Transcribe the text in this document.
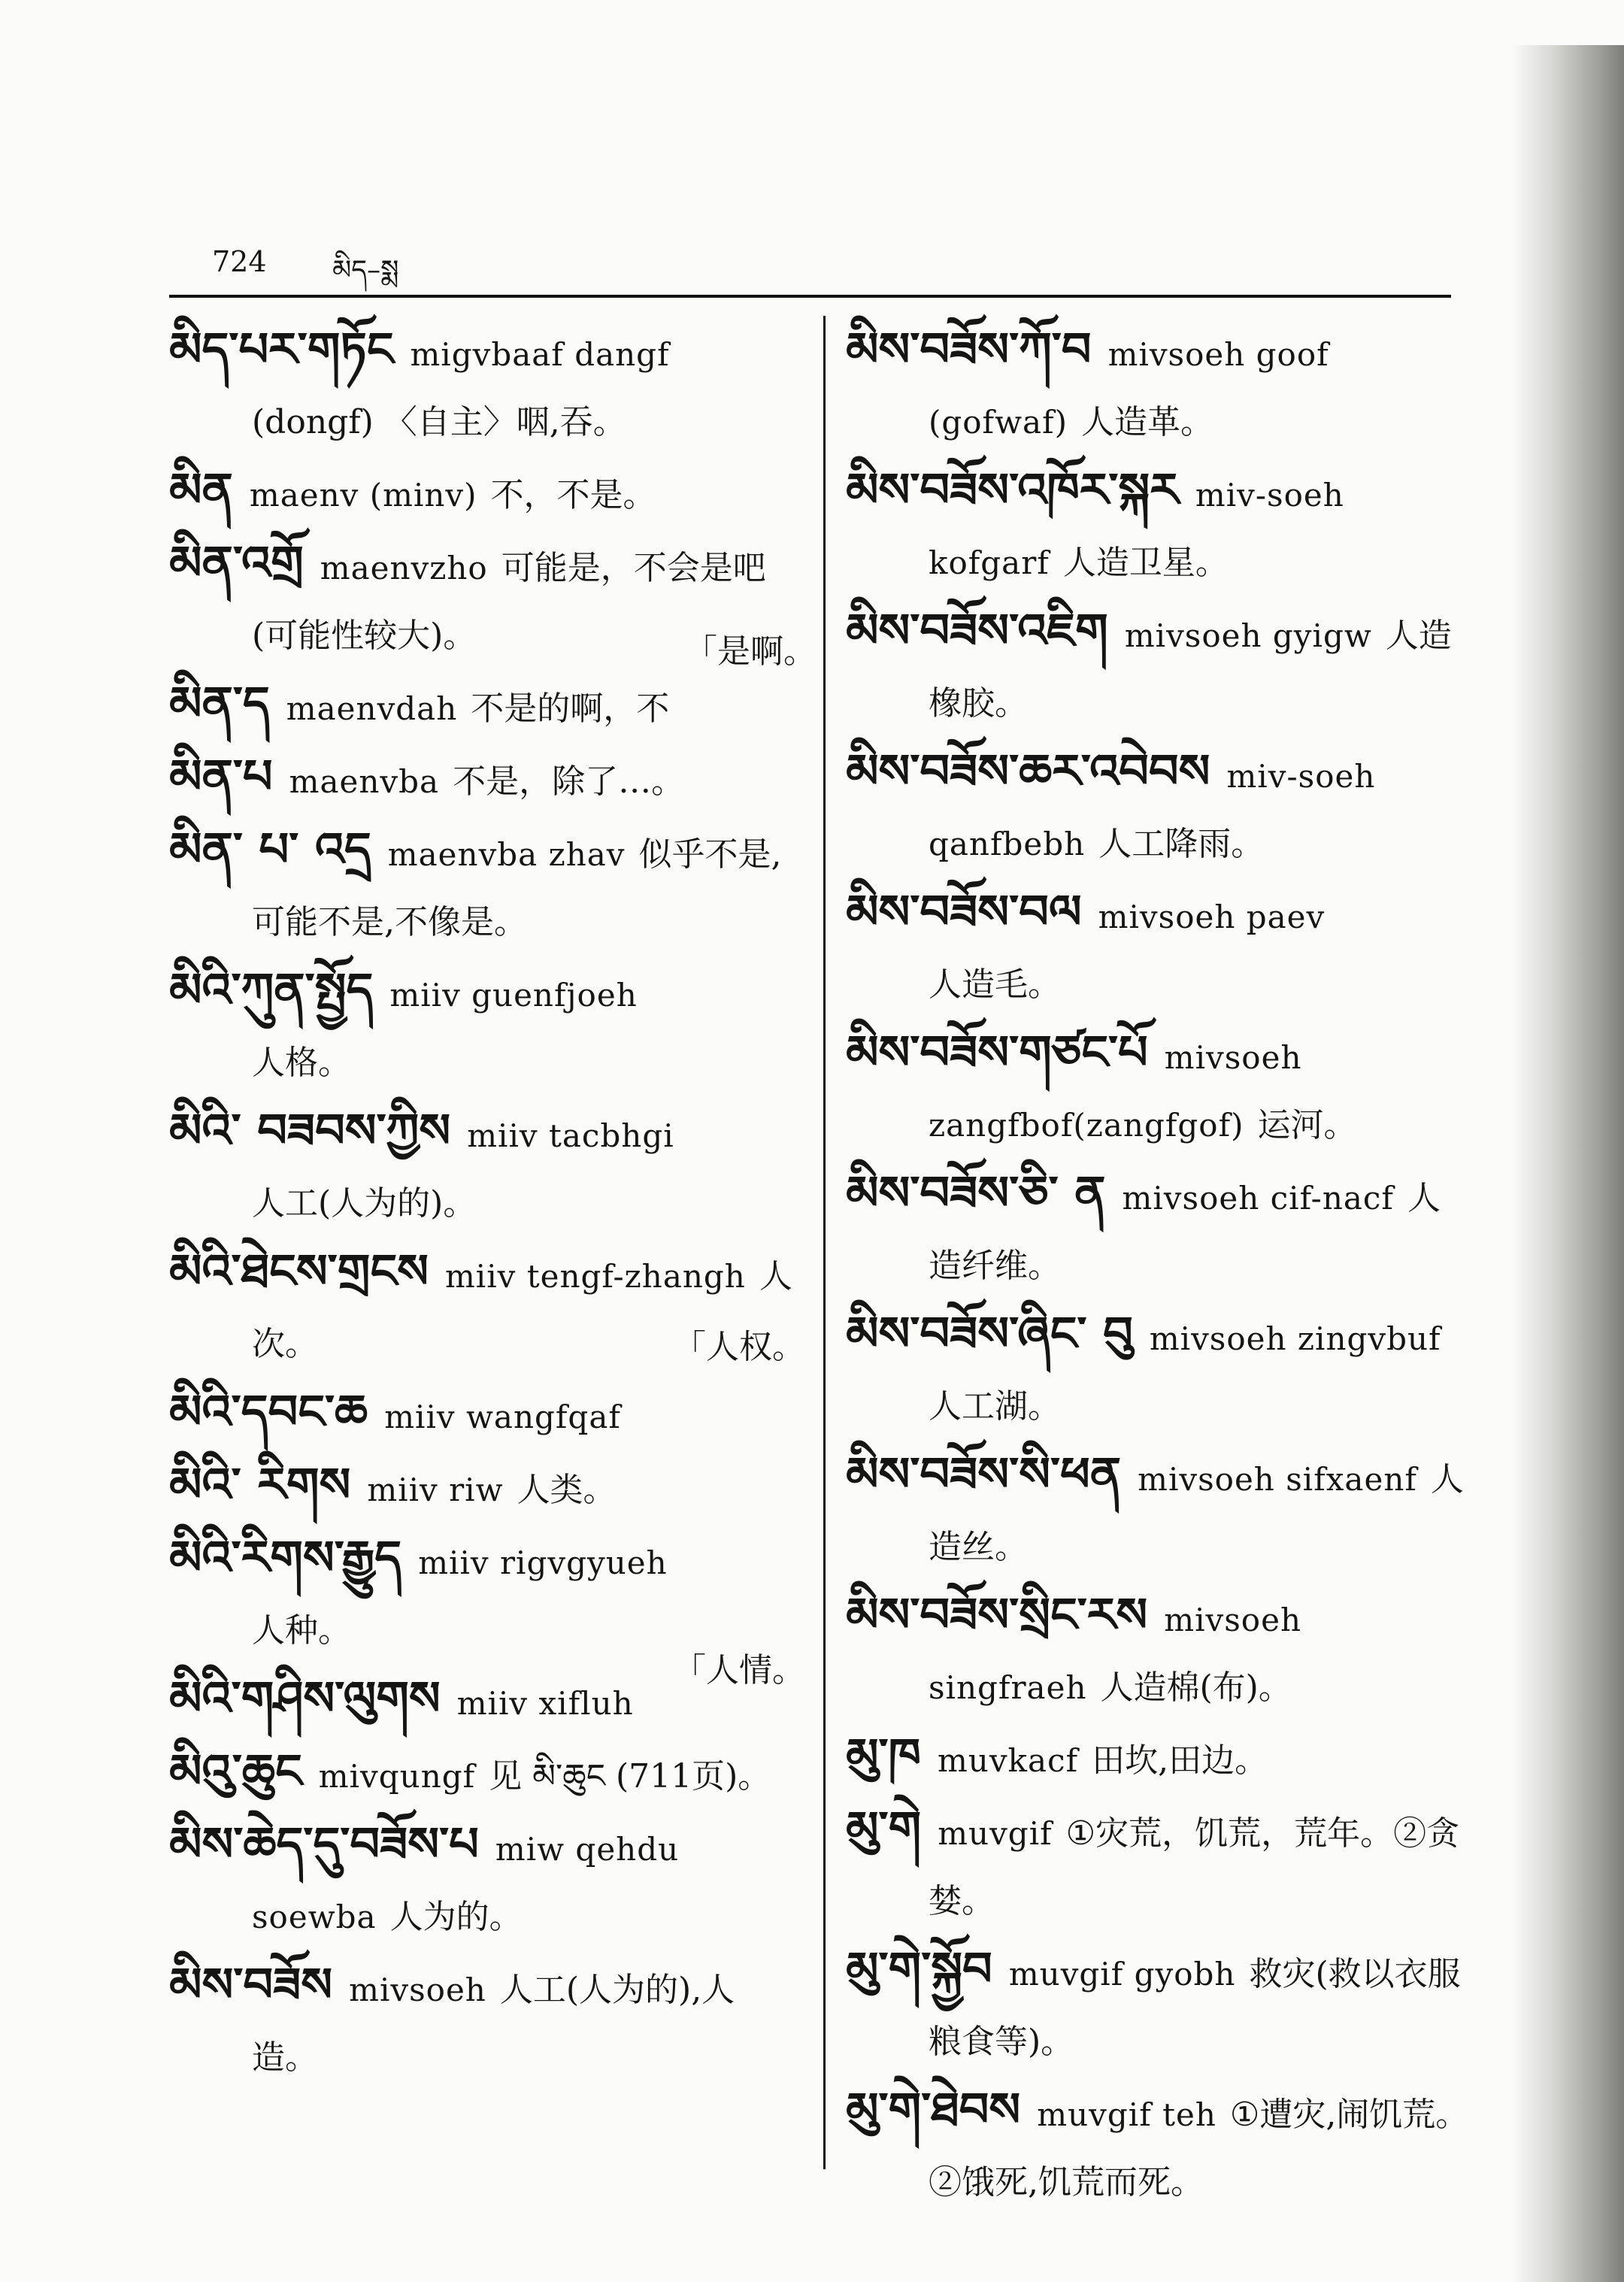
724 མིད–སྨ
མིད་པར་གཏོང migvbaaf dangf
(dongf) 〈自主〉咽,吞。
མིན maenv (minv) 不，不是。
མིན་འགྲོ maenvzho 可能是，不会是吧(可能性较大)。
མིན་ད maenvdah 不是的啊，不
མིན་པ maenvba 不是，除了…。
མིན་ པ་ འདྲ maenvba zhav 似乎不是,可能不是,不像是。
མིའི་ཀུན་སྤྱོད miiv guenfjoeh
人格。
མིའི་ བཟབས་ཀྱིས miiv tacbhgi
人工(人为的)。
མིའི་ཐེངས་གྲངས miiv tengf-zhangh 人次。
མིའི་དབང་ཆ miiv wangfqaf
མིའི་ རིགས miiv riw 人类。
མིའི་རིགས་རྒྱུད miiv rigvgyueh
人种。
མིའི་གཤིས་ལུགས miiv xifluh
མིའུ་ཆུང mivqungf 见 མི་ཆུང (711页)。
མིས་ཆེད་དུ་བཟོས་པ miw qehdu soewba 人为的。
མིས་བཟོས mivsoeh 人工(人为的),人造。
「是啊。
「人权。
「人情。
མིས་བཟོས་ཀོ་བ mivsoeh goof (gofwaf) 人造革。
མིས་བཟོས་འཁོར་སྐར miv-soeh kofgarf 人造卫星。
མིས་བཟོས་འཇིག mivsoeh gyigw 人造橡胶。
མིས་བཟོས་ཆར་འབེབས miv-soeh qanfbebh 人工降雨。
མིས་བཟོས་བལ mivsoeh paev
人造毛。
མིས་བཟོས་གཙང་པོ mivsoeh zangfbof(zangfgof) 运河。
མིས་བཟོས་ཅི་ ན mivsoeh cif-nacf 人造纤维。
མིས་བཟོས་ཞིང་ བུ mivsoeh zingvbuf人工湖。
མིས་བཟོས་སི་ཕན mivsoeh sifxaenf 人造丝。
མིས་བཟོས་སྲིང་རས mivsoeh singfraeh 人造棉(布)。
མུ་ཁ muvkacf 田坎,田边。
མུ་གེ muvgif ①灾荒，饥荒，荒年。②贪婪。
མུ་གེ་སྐྱོབ muvgif gyobh 救灾(救以衣服粮食等)。
མུ་གེ་ཐེབས muvgif teh ①遭灾,闹饥荒。②饿死,饥荒而死。
